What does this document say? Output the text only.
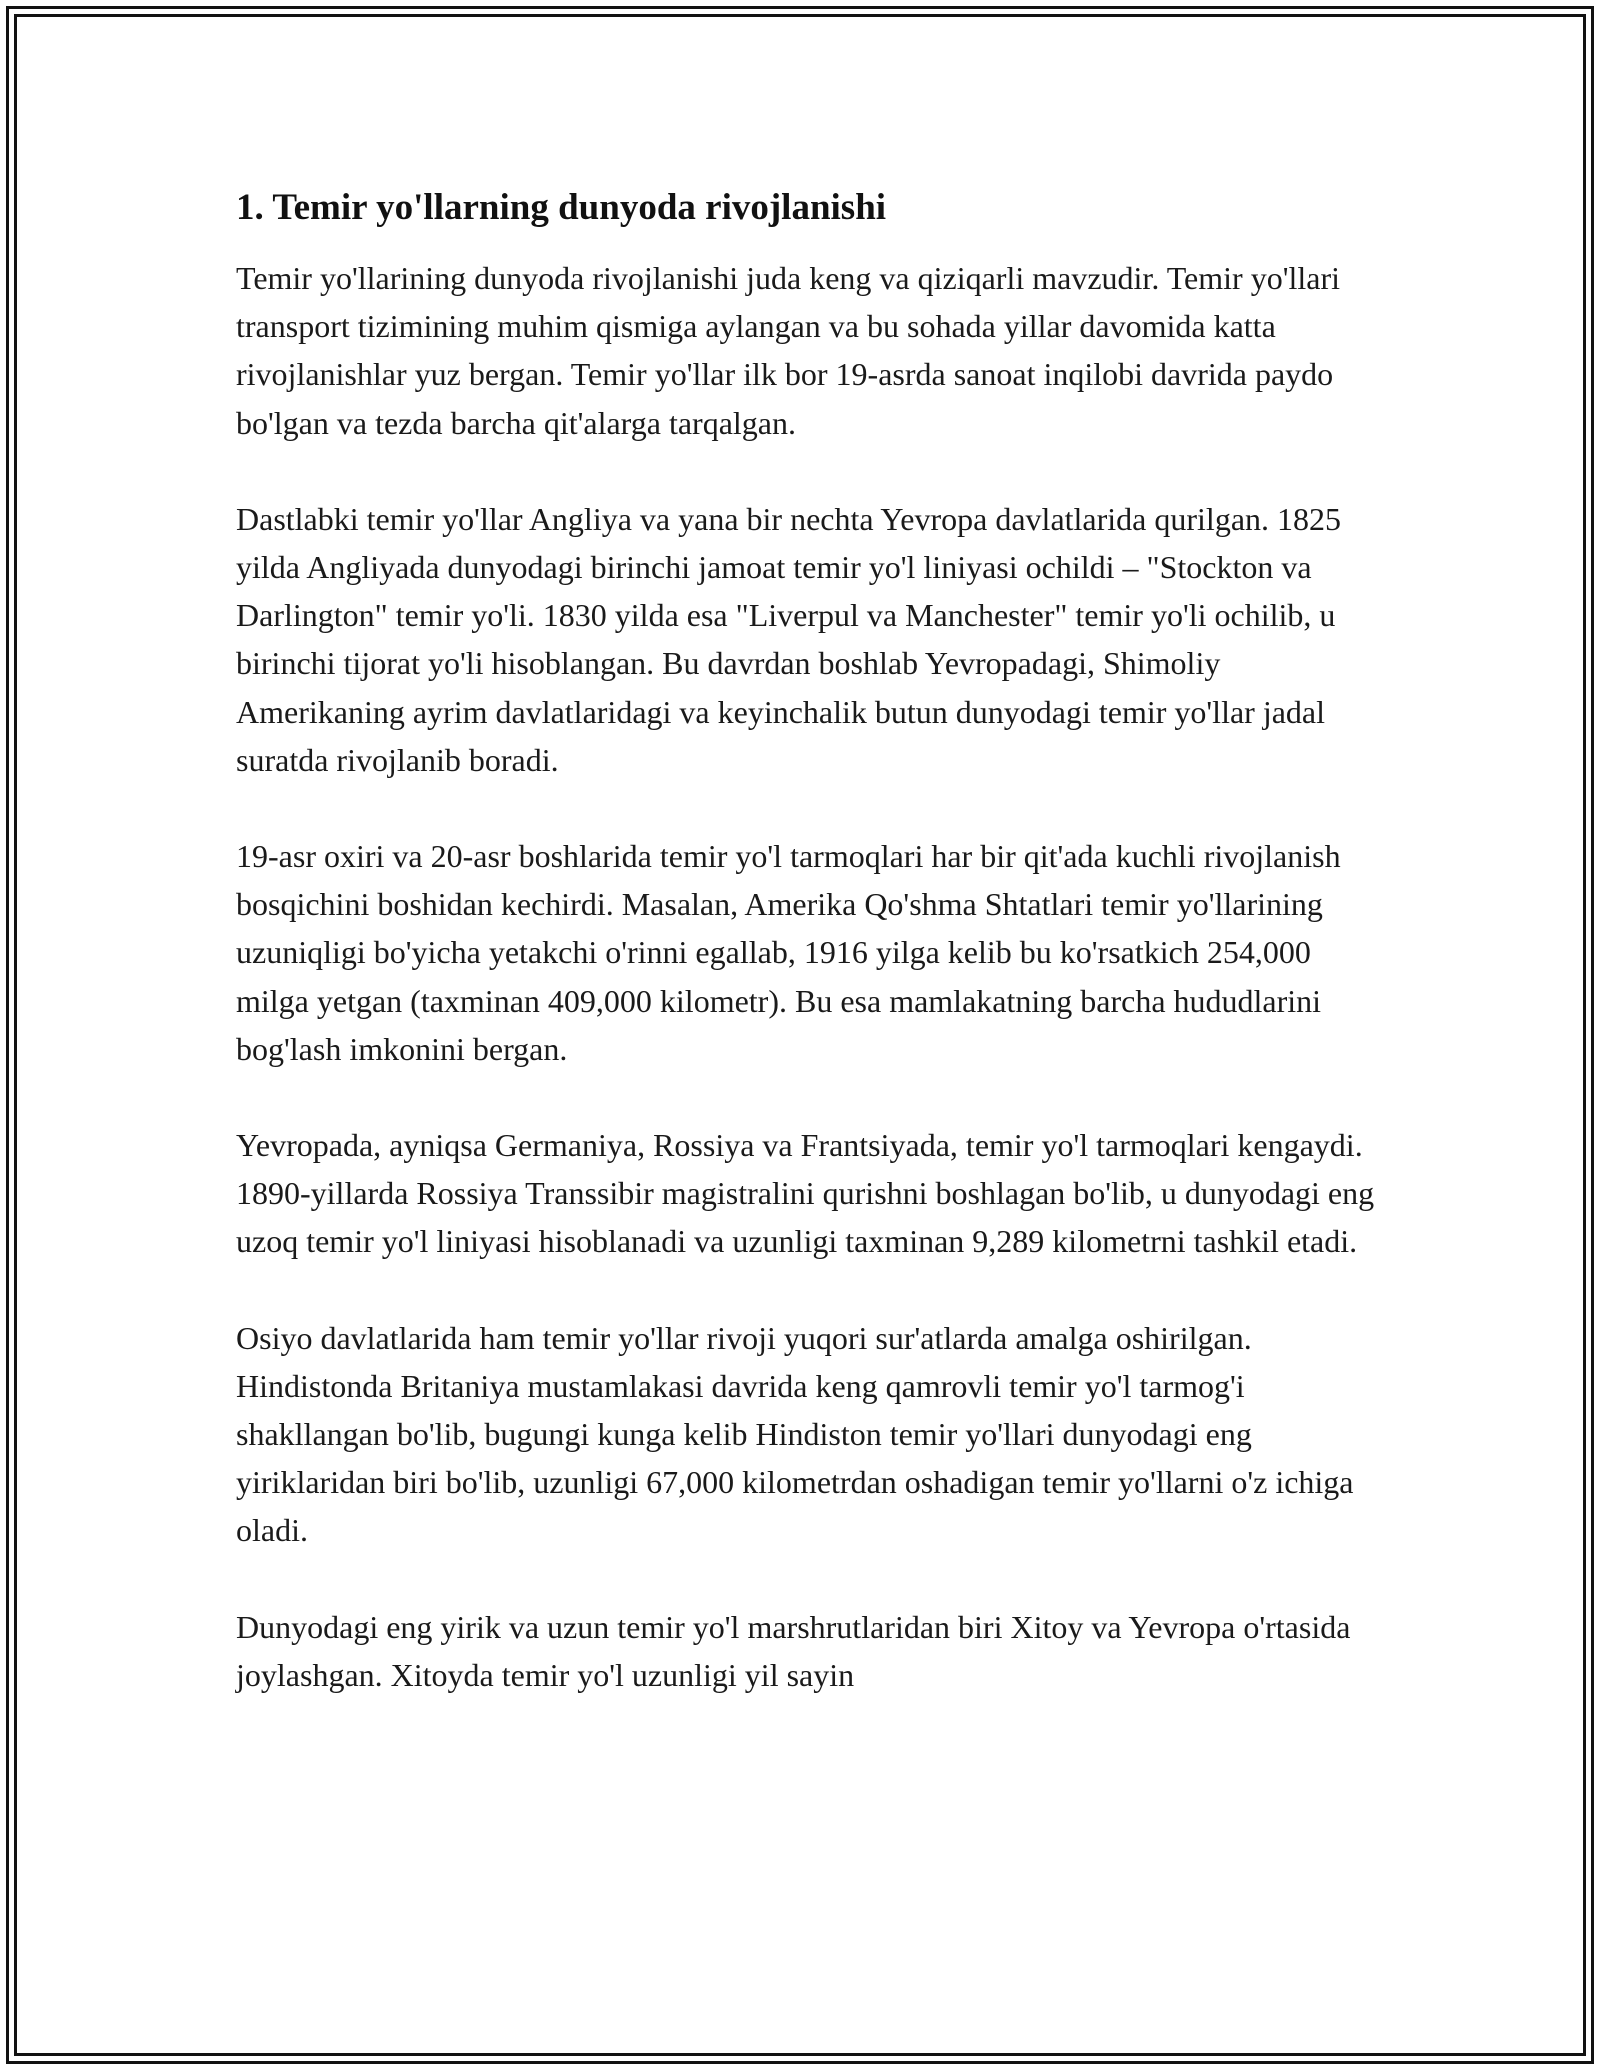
1. Temir yo'llarning dunyoda rivojlanishi

Temir yo'llarining dunyoda rivojlanishi juda keng va qiziqarli mavzudir. Temir yo'llari transport tizimining muhim qismiga aylangan va bu sohada yillar davomida katta rivojlanishlar yuz bergan. Temir yo'llar ilk bor 19-asrda sanoat inqilobi davrida paydo bo'lgan va tezda barcha qit'alarga tarqalgan.

Dastlabki temir yo'llar Angliya va yana bir nechta Yevropa davlatlarida qurilgan. 1825 yilda Angliyada dunyodagi birinchi jamoat temir yo'l liniyasi ochildi – "Stockton va Darlington" temir yo'li. 1830 yilda esa "Liverpul va Manchester" temir yo'li ochilib, u birinchi tijorat yo'li hisoblangan. Bu davrdan boshlab Yevropadagi, Shimoliy Amerikaning ayrim davlatlaridagi va keyinchalik butun dunyodagi temir yo'llar jadal suratda rivojlanib boradi.

19-asr oxiri va 20-asr boshlarida temir yo'l tarmoqlari har bir qit'ada kuchli rivojlanish bosqichini boshidan kechirdi. Masalan, Amerika Qo'shma Shtatlari temir yo'llarining uzuniqligi bo'yicha yetakchi o'rinni egallab, 1916 yilga kelib bu ko'rsatkich 254,000 milga yetgan (taxminan 409,000 kilometr). Bu esa mamlakatning barcha hududlarini bog'lash imkonini bergan.

Yevropada, ayniqsa Germaniya, Rossiya va Frantsiyada, temir yo'l tarmoqlari kengaydi. 1890-yillarda Rossiya Transsibir magistralini qurishni boshlagan bo'lib, u dunyodagi eng uzoq temir yo'l liniyasi hisoblanadi va uzunligi taxminan 9,289 kilometrni tashkil etadi.

Osiyo davlatlarida ham temir yo'llar rivoji yuqori sur'atlarda amalga oshirilgan. Hindistonda Britaniya mustamlakasi davrida keng qamrovli temir yo'l tarmog'i shakllangan bo'lib, bugungi kunga kelib Hindiston temir yo'llari dunyodagi eng yiriklaridan biri bo'lib, uzunligi 67,000 kilometrdan oshadigan temir yo'llarni o'z ichiga oladi.

Dunyodagi eng yirik va uzun temir yo'l marshrutlaridan biri Xitoy va Yevropa o'rtasida joylashgan. Xitoyda temir yo'l uzunligi yil sayin
